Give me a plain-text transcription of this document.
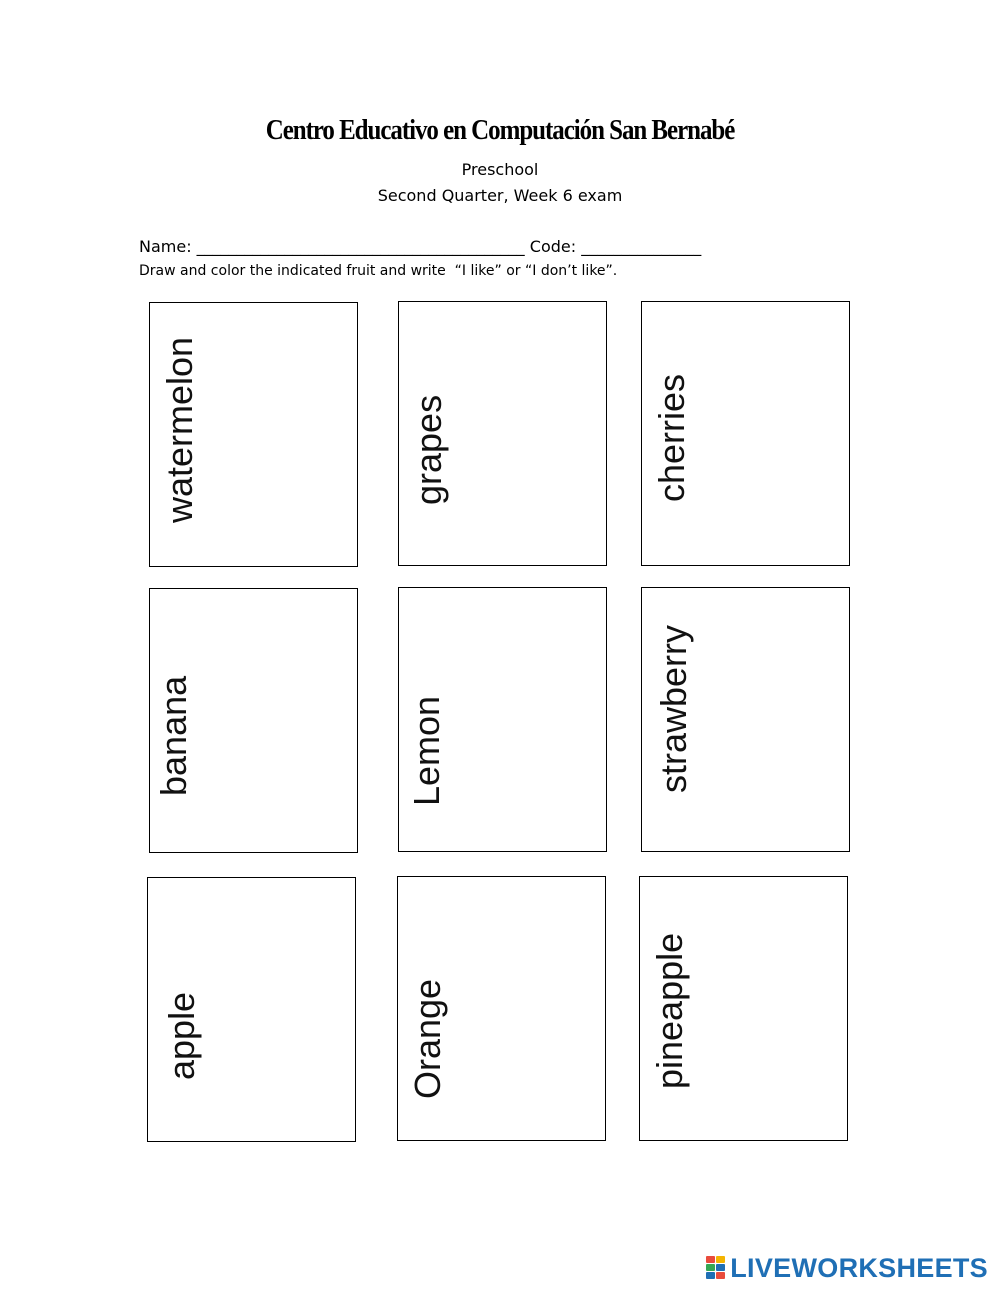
Centro Educativo en Computación San Bernabé
Preschool
Second Quarter, Week 6 exam
Name: _________________________________________ Code: _______________
Draw and color the indicated fruit and write  “I like” or “I don’t like”.
watermelon	grapes	cherries
banana	Lemon	strawberry
apple	Orange	pineapple
LIVEWORKSHEETS
